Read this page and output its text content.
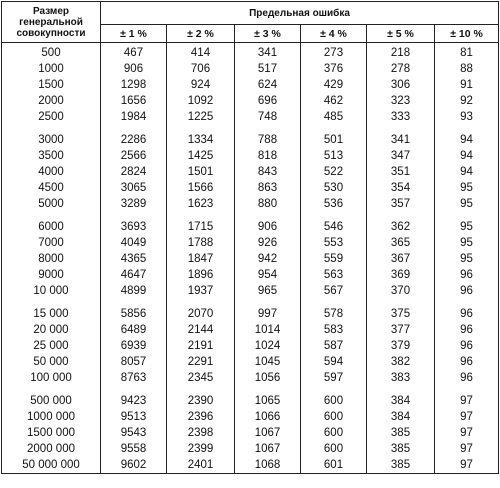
Размер генеральной совокупности	Предельная ошибка					
	± 1 %	± 2 %	± 3 %	± 4 %	± 5 %	± 10 %
500	467	414	341	273	218	81
1000	906	706	517	376	278	88
1500	1298	924	624	429	306	91
2000	1656	1092	696	462	323	92
2500	1984	1225	748	485	333	93
3000	2286	1334	788	501	341	94
3500	2566	1425	818	513	347	94
4000	2824	1501	843	522	351	94
4500	3065	1566	863	530	354	95
5000	3289	1623	880	536	357	95
6000	3693	1715	906	546	362	95
7000	4049	1788	926	553	365	95
8000	4365	1847	942	559	367	95
9000	4647	1896	954	563	369	96
10 000	4899	1937	965	567	370	96
15 000	5856	2070	997	578	375	96
20 000	6489	2144	1014	583	377	96
25 000	6939	2191	1024	587	379	96
50 000	8057	2291	1045	594	382	96
100 000	8763	2345	1056	597	383	96
500 000	9423	2390	1065	600	384	97
1000 000	9513	2396	1066	600	384	97
1500 000	9543	2398	1067	600	385	97
2000 000	9558	2399	1067	600	385	97
50 000 000	9602	2401	1068	601	385	97
